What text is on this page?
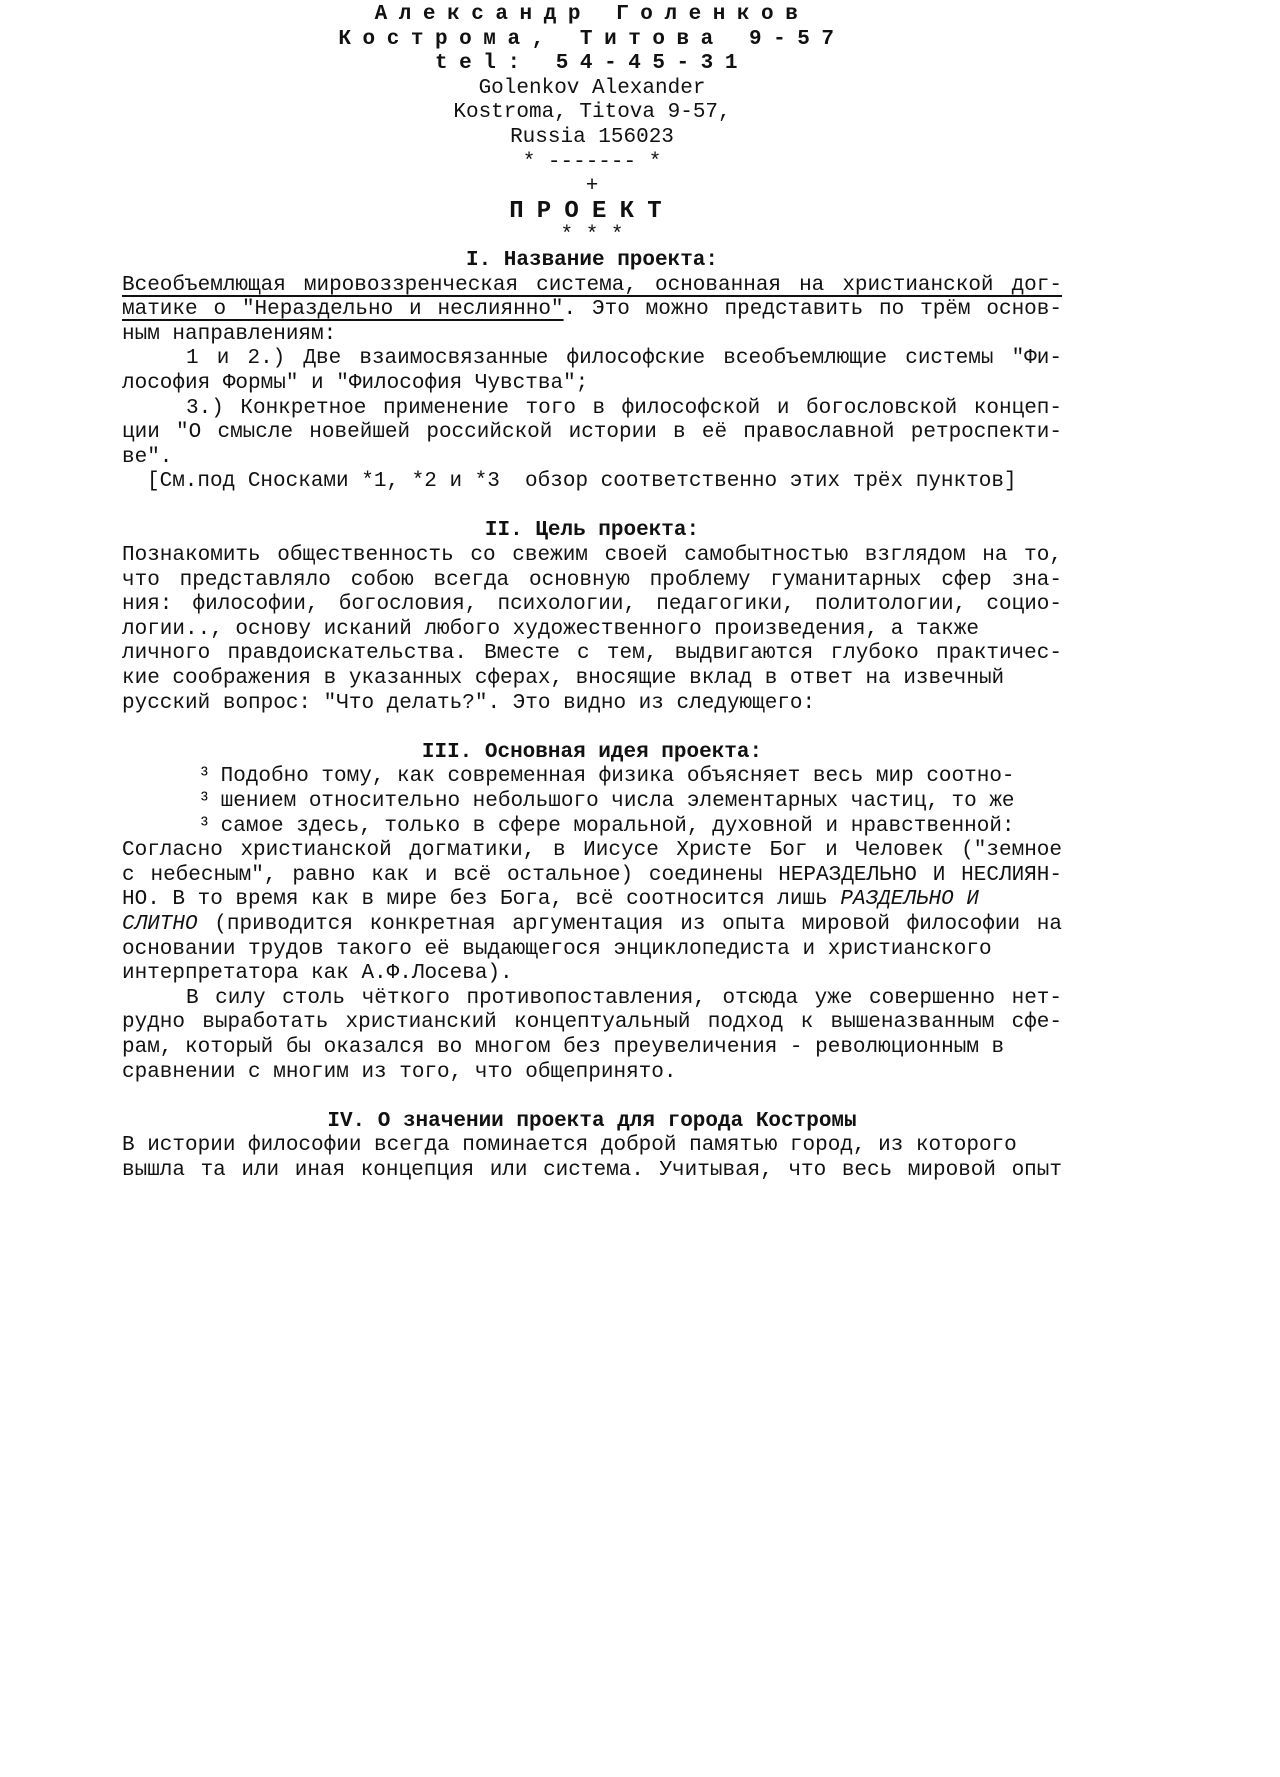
Александр Голенков
Кострома, Титова 9-57
tel: 54-45-31
Golenkov Alexander
Kostroma, Titova 9-57,
Russia 156023
* ------- *
+
ПРОЕКТ
* * *
I. Название проекта:
Всеобъемлющая мировоззренческая система, основанная на христианской дог-
матике о "Нераздельно и неслиянно". Это можно представить по трём основ-
ным направлениям:
1 и 2.) Две взаимосвязанные философские всеобъемлющие системы "Фи-
лософия Формы" и "Философия Чувства";
3.) Конкретное применение того в философской и богословской концеп-
ции "О смысле новейшей российской истории в её православной ретроспекти-
ве".
[См.под Сносками *1, *2 и *3  обзор соответственно этих трёх пунктов]
II. Цель проекта:
Познакомить общественность со свежим своей самобытностью взглядом на то,
что представляло собою всегда основную проблему гуманитарных сфер зна-
ния: философии, богословия, психологии, педагогики, политологии, социо-
логии.., основу исканий любого художественного произведения, а также
личного правдоискательства. Вместе с тем, выдвигаются глубоко практичес-
кие соображения в указанных сферах, вносящие вклад в ответ на извечный
русский вопрос: "Что делать?". Это видно из следующего:
III. Основная идея проекта:
³ Подобно тому, как современная физика объясняет весь мир соотно-
³ шением относительно небольшого числа элементарных частиц, то же
³ самое здесь, только в сфере моральной, духовной и нравственной:
Согласно христианской догматики, в Иисусе Христе Бог и Человек ("земное
с небесным", равно как и всё остальное) соединены НЕРАЗДЕЛЬНО И НЕСЛИЯН-
НО. В то время как в мире без Бога, всё соотносится лишь РАЗДЕЛЬНО И
СЛИТНО (приводится конкретная аргументация из опыта мировой философии на
основании трудов такого её выдающегося энциклопедиста и христианского
интерпретатора как А.Ф.Лосева).
В силу столь чёткого противопоставления, отсюда уже совершенно нет-
рудно выработать христианский концептуальный подход к вышеназванным сфе-
рам, который бы оказался во многом без преувеличения - революционным в
сравнении с многим из того, что общепринято.
IV. О значении проекта для города Костромы
В истории философии всегда поминается доброй памятью город, из которого
вышла та или иная концепция или система. Учитывая, что весь мировой опыт
